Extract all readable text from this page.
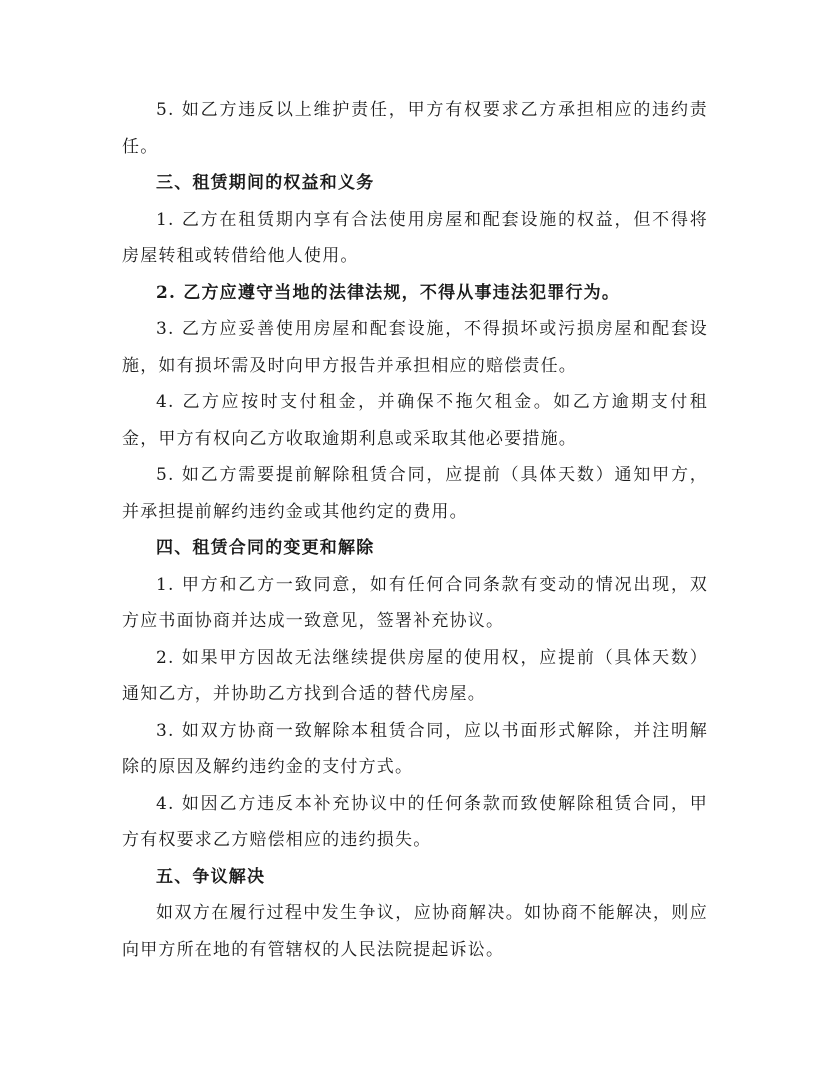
5. 如乙方违反以上维护责任，甲方有权要求乙方承担相应的违约责任。

三、租赁期间的权益和义务

1. 乙方在租赁期内享有合法使用房屋和配套设施的权益，但不得将房屋转租或转借给他人使用。

2. 乙方应遵守当地的法律法规，不得从事违法犯罪行为。

3. 乙方应妥善使用房屋和配套设施，不得损坏或污损房屋和配套设施，如有损坏需及时向甲方报告并承担相应的赔偿责任。

4. 乙方应按时支付租金，并确保不拖欠租金。如乙方逾期支付租金，甲方有权向乙方收取逾期利息或采取其他必要措施。

5. 如乙方需要提前解除租赁合同，应提前（具体天数）通知甲方，并承担提前解约违约金或其他约定的费用。

四、租赁合同的变更和解除

1. 甲方和乙方一致同意，如有任何合同条款有变动的情况出现，双方应书面协商并达成一致意见，签署补充协议。

2. 如果甲方因故无法继续提供房屋的使用权，应提前（具体天数）通知乙方，并协助乙方找到合适的替代房屋。

3. 如双方协商一致解除本租赁合同，应以书面形式解除，并注明解除的原因及解约违约金的支付方式。

4. 如因乙方违反本补充协议中的任何条款而致使解除租赁合同，甲方有权要求乙方赔偿相应的违约损失。

五、争议解决

如双方在履行过程中发生争议，应协商解决。如协商不能解决，则应向甲方所在地的有管辖权的人民法院提起诉讼。
